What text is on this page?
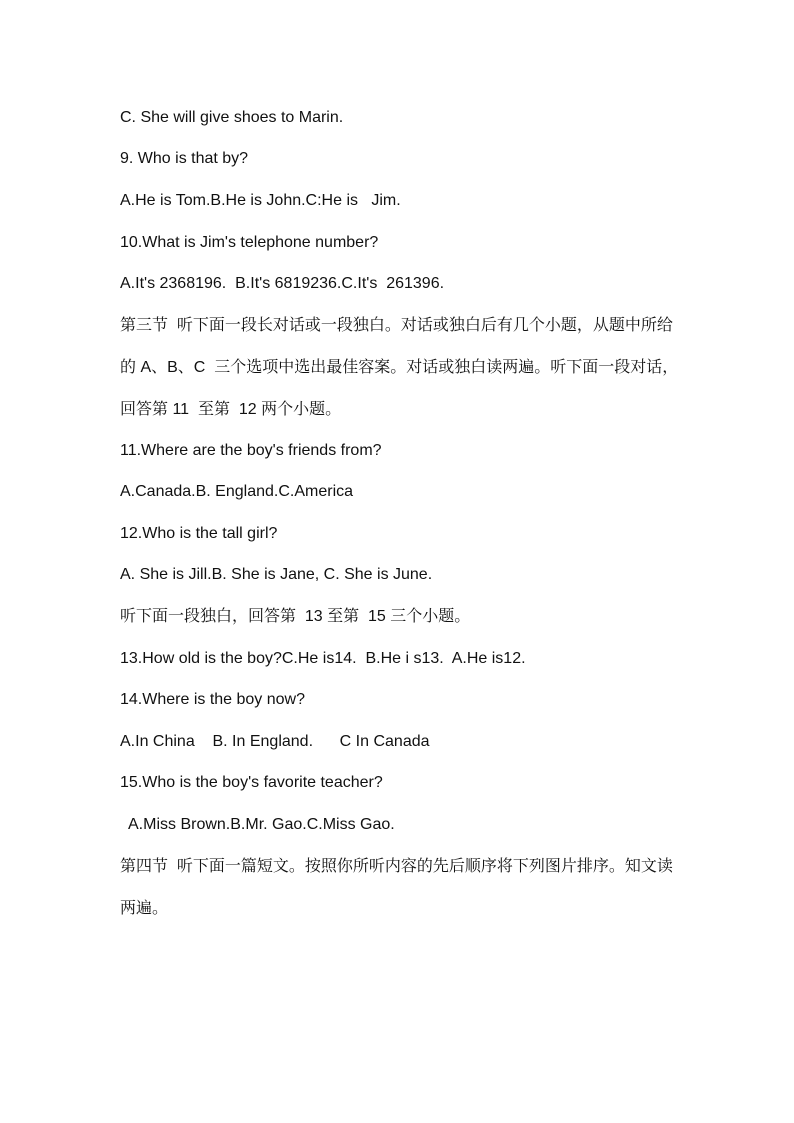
C. She will give shoes to Marin.
9. Who is that by?
A.He is Tom.B.He is John.C:He is   Jim.
10.What is Jim's telephone number?
A.It's 2368196.  B.It's 6819236.C.It's  261396.
第三节  听下面一段长对话或一段独白。对话或独白后有几个小题，从题中所给
的 A、B、C  三个选项中选出最佳容案。对话或独白读两遍。听下面一段对话，
回答第 11  至第  12 两个小题。
11.Where are the boy's friends from?
A.Canada.B. England.C.America
12.Who is the tall girl?
A. She is Jill.B. She is Jane, C. She is June.
听下面一段独白，回答第  13 至第  15 三个小题。
13.How old is the boy?C.He is14.  B.He i s13.  A.He is12.
14.Where is the boy now?
A.In China    B. In England.      C In Canada
15.Who is the boy's favorite teacher?
A.Miss Brown.B.Mr. Gao.C.Miss Gao.
第四节  听下面一篇短文。按照你所听内容的先后顺序将下列图片排序。知文读
两遍。
